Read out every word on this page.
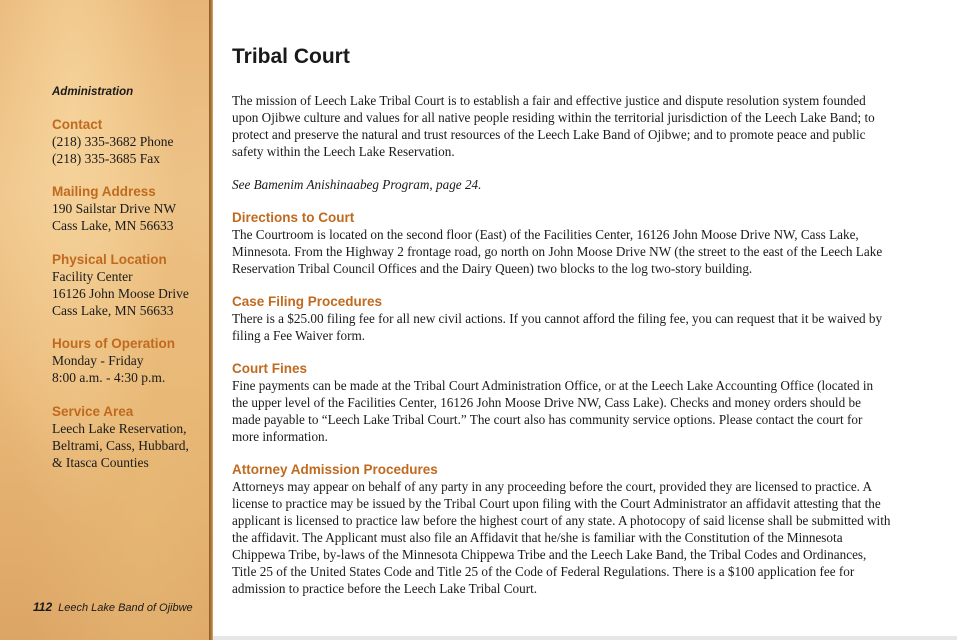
Administration
Contact
(218) 335-3682 Phone
(218) 335-3685 Fax
Mailing Address
190 Sailstar Drive NW
Cass Lake, MN 56633
Physical Location
Facility Center
16126 John Moose Drive
Cass Lake, MN 56633
Hours of Operation
Monday - Friday
8:00 a.m. - 4:30 p.m.
Service Area
Leech Lake Reservation,
Beltrami, Cass, Hubbard,
& Itasca Counties
112 Leech Lake Band of Ojibwe
Tribal Court

The mission of Leech Lake Tribal Court is to establish a fair and effective justice and dispute resolution system founded upon Ojibwe culture and values for all native people residing within the territorial jurisdiction of the Leech Lake Band; to protect and preserve the natural and trust resources of the Leech Lake Band of Ojibwe; and to promote peace and public safety within the Leech Lake Reservation.

See Bamenim Anishinaabeg Program, page 24.

Directions to Court

The Courtroom is located on the second floor (East) of the Facilities Center, 16126 John Moose Drive NW, Cass Lake, Minnesota. From the Highway 2 frontage road, go north on John Moose Drive NW (the street to the east of the Leech Lake Reservation Tribal Council Offices and the Dairy Queen) two blocks to the log two-story building.

Case Filing Procedures

There is a $25.00 filing fee for all new civil actions. If you cannot afford the filing fee, you can request that it be waived by filing a Fee Waiver form.

Court Fines

Fine payments can be made at the Tribal Court Administration Office, or at the Leech Lake Accounting Office (located in the upper level of the Facilities Center, 16126 John Moose Drive NW, Cass Lake). Checks and money orders should be made payable to “Leech Lake Tribal Court.” The court also has community service options. Please contact the court for more information.

Attorney Admission Procedures

Attorneys may appear on behalf of any party in any proceeding before the court, provided they are licensed to practice. A license to practice may be issued by the Tribal Court upon filing with the Court Administrator an affidavit attesting that the applicant is licensed to practice law before the highest court of any state. A photocopy of said license shall be submitted with the affidavit. The Applicant must also file an Affidavit that he/she is familiar with the Constitution of the Minnesota Chippewa Tribe, by-laws of the Minnesota Chippewa Tribe and the Leech Lake Band, the Tribal Codes and Ordinances, Title 25 of the United States Code and Title 25 of the Code of Federal Regulations. There is a $100 application fee for admission to practice before the Leech Lake Tribal Court.
